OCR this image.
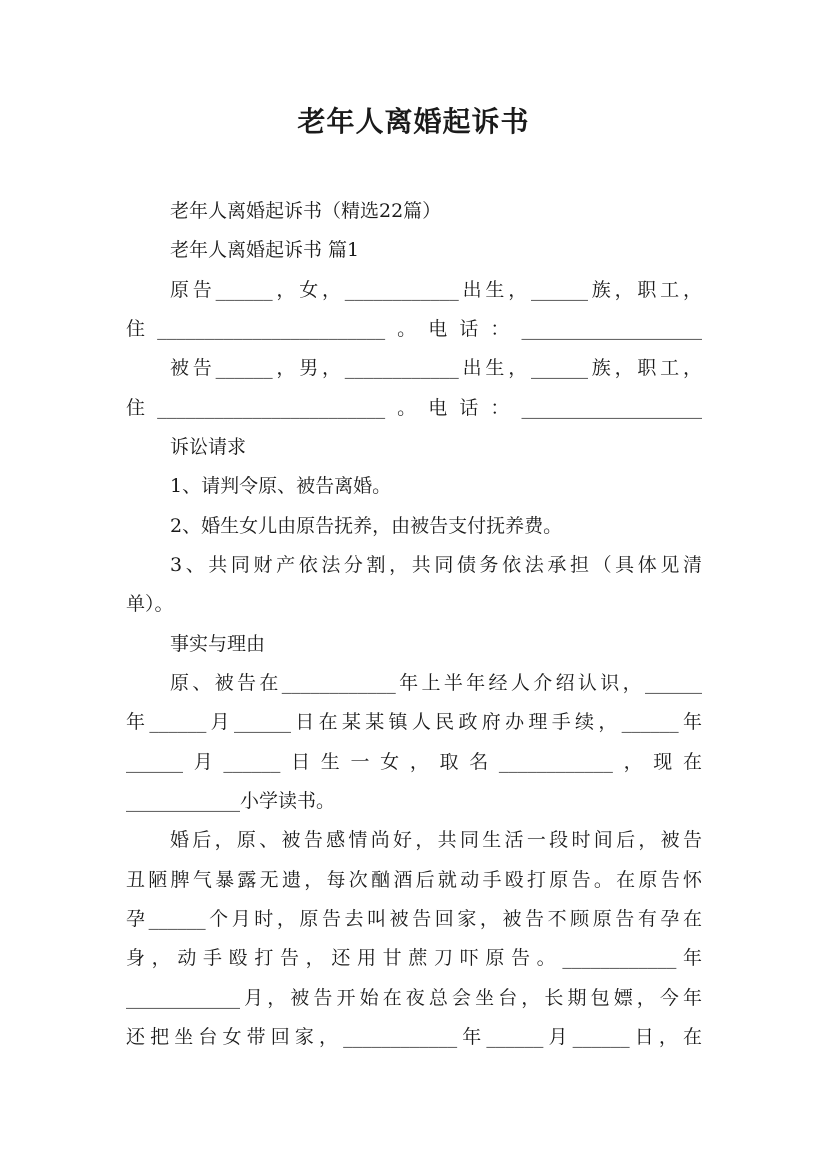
老年人离婚起诉书
老年人离婚起诉书（精选22篇）
老年人离婚起诉书 篇1
原告______，女，____________出生，______族，职工，
住________________________。电话：___________________
被告______，男，____________出生，______族，职工，
住________________________。电话：___________________
诉讼请求
1、请判令原、被告离婚。
2、婚生女儿由原告抚养，由被告支付抚养费。
3、共同财产依法分割，共同债务依法承担（具体见清
单）。
事实与理由
原、被告在____________年上半年经人介绍认识，______
年______月______日在某某镇人民政府办理手续，______年
______月______日生一女，取名____________，现在
____________小学读书。
婚后，原、被告感情尚好，共同生活一段时间后，被告
丑陋脾气暴露无遗，每次酗酒后就动手殴打原告。在原告怀
孕______个月时，原告去叫被告回家，被告不顾原告有孕在
身，动手殴打告，还用甘蔗刀吓原告。____________年
____________月，被告开始在夜总会坐台，长期包嫖，今年
还把坐台女带回家，____________年______月______日，在
